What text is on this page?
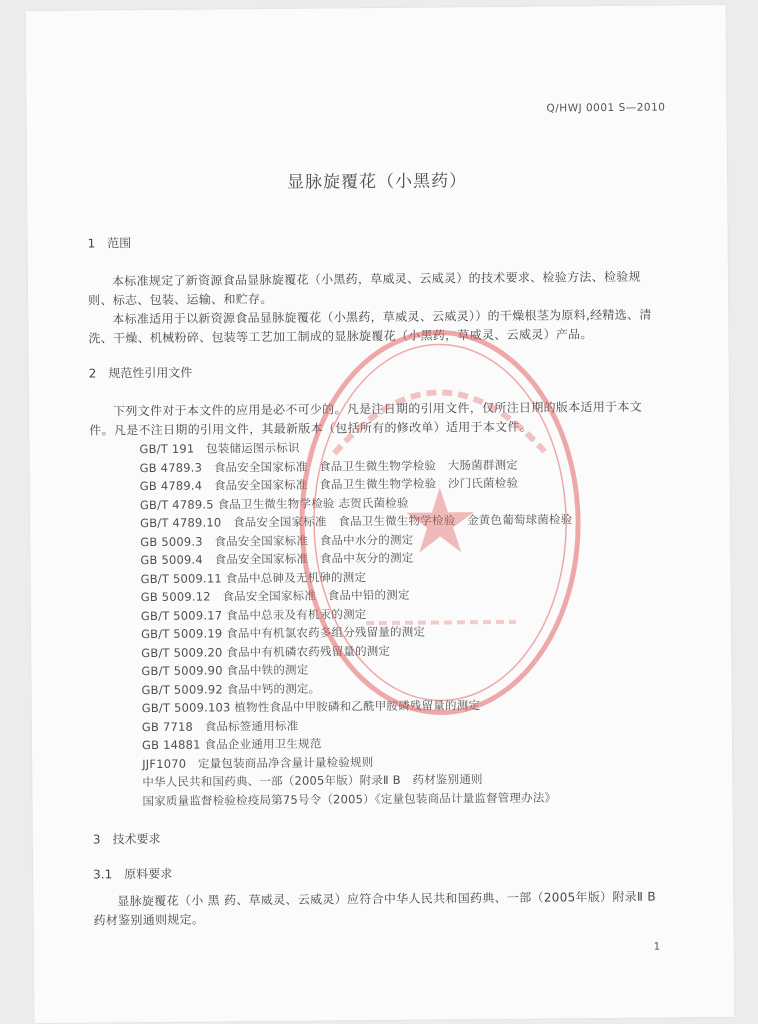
Q/HWJ 0001 S—2010
显脉旋覆花（小黑药）
1　范围
本标准规定了新资源食品显脉旋覆花（小黑药，草威灵、云威灵）的技术要求、检验方法、检验规则、标志、包装、运输、和贮存。
本标准适用于以新资源食品显脉旋覆花（小黑药，草威灵、云威灵））的干燥根茎为原料,经精选、清洗、干燥、机械粉碎、包装等工艺加工制成的显脉旋覆花（小黑药，草威灵、云威灵）产品。
2　规范性引用文件
下列文件对于本文件的应用是必不可少的。凡是注日期的引用文件，仅所注日期的版本适用于本文件。凡是不注日期的引用文件，其最新版本（包括所有的修改单）适用于本文件。
GB/T 191　包装储运图示标识
GB 4789.3　食品安全国家标准　食品卫生微生物学检验　大肠菌群测定
GB 4789.4　食品安全国家标准　食品卫生微生物学检验　沙门氏菌检验
GB/T 4789.5 食品卫生微生物学检验 志贺氏菌检验
GB/T 4789.10　食品安全国家标准　食品卫生微生物学检验　金黄色葡萄球菌检验
GB 5009.3　食品安全国家标准　食品中水分的测定
GB 5009.4　食品安全国家标准　食品中灰分的测定
GB/T 5009.11 食品中总砷及无机砷的测定
GB 5009.12　食品安全国家标准　食品中铅的测定
GB/T 5009.17 食品中总汞及有机汞的测定
GB/T 5009.19 食品中有机氯农药多组分残留量的测定
GB/T 5009.20 食品中有机磷农药残留量的测定
GB/T 5009.90 食品中铁的测定
GB/T 5009.92 食品中钙的测定。
GB/T 5009.103 植物性食品中甲胺磷和乙酰甲胺磷残留量的测定
GB 7718　食品标签通用标准
GB 14881 食品企业通用卫生规范
JJF1070　定量包装商品净含量计量检验规则
中华人民共和国药典、一部（2005年版）附录Ⅱ B　药材鉴别通则
国家质量监督检验检疫局第75号令（2005）《定量包装商品计量监督管理办法》
3　技术要求
3.1　原料要求
显脉旋覆花（小 黑 药、草威灵、云威灵）应符合中华人民共和国药典、一部（2005年版）附录Ⅱ B　药材鉴别通则规定。
1
